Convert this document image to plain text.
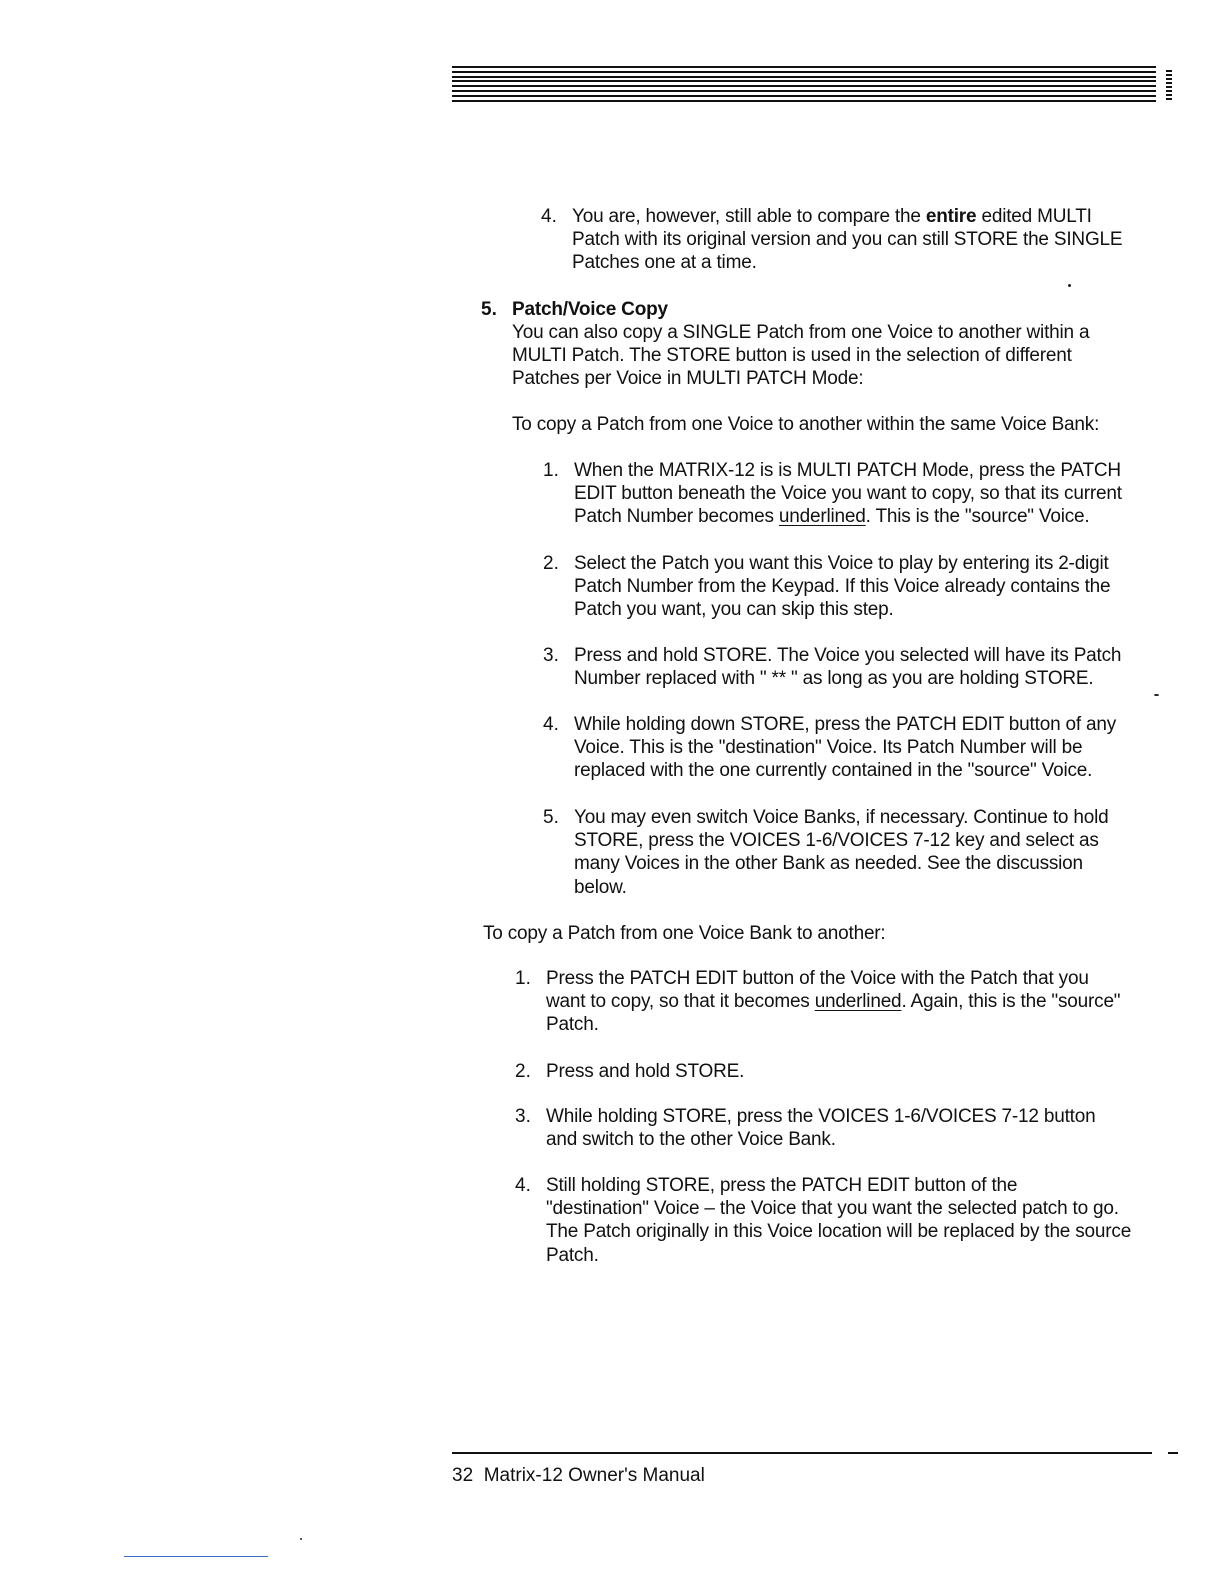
4. You are, however, still able to compare the entire edited MULTI
Patch with its original version and you can still STORE the SINGLE
Patches one at a time.
5. Patch/Voice Copy
You can also copy a SINGLE Patch from one Voice to another within a
MULTI Patch. The STORE button is used in the selection of different
Patches per Voice in MULTI PATCH Mode:
To copy a Patch from one Voice to another within the same Voice Bank:
1. When the MATRIX-12 is is MULTI PATCH Mode, press the PATCH
EDIT button beneath the Voice you want to copy, so that its current
Patch Number becomes underlined. This is the "source" Voice.
2. Select the Patch you want this Voice to play by entering its 2-digit
Patch Number from the Keypad. If this Voice already contains the
Patch you want, you can skip this step.
3. Press and hold STORE. The Voice you selected will have its Patch
Number replaced with " ** " as long as you are holding STORE.
4. While holding down STORE, press the PATCH EDIT button of any
Voice. This is the "destination" Voice. Its Patch Number will be
replaced with the one currently contained in the "source" Voice.
5. You may even switch Voice Banks, if necessary. Continue to hold
STORE, press the VOICES 1-6/VOICES 7-12 key and select as
many Voices in the other Bank as needed. See the discussion
below.
To copy a Patch from one Voice Bank to another:
1. Press the PATCH EDIT button of the Voice with the Patch that you
want to copy, so that it becomes underlined. Again, this is the "source"
Patch.
2. Press and hold STORE.
3. While holding STORE, press the VOICES 1-6/VOICES 7-12 button
and switch to the other Voice Bank.
4. Still holding STORE, press the PATCH EDIT button of the
"destination" Voice – the Voice that you want the selected patch to go.
The Patch originally in this Voice location will be replaced by the source
Patch.
32 Matrix-12 Owner's Manual
